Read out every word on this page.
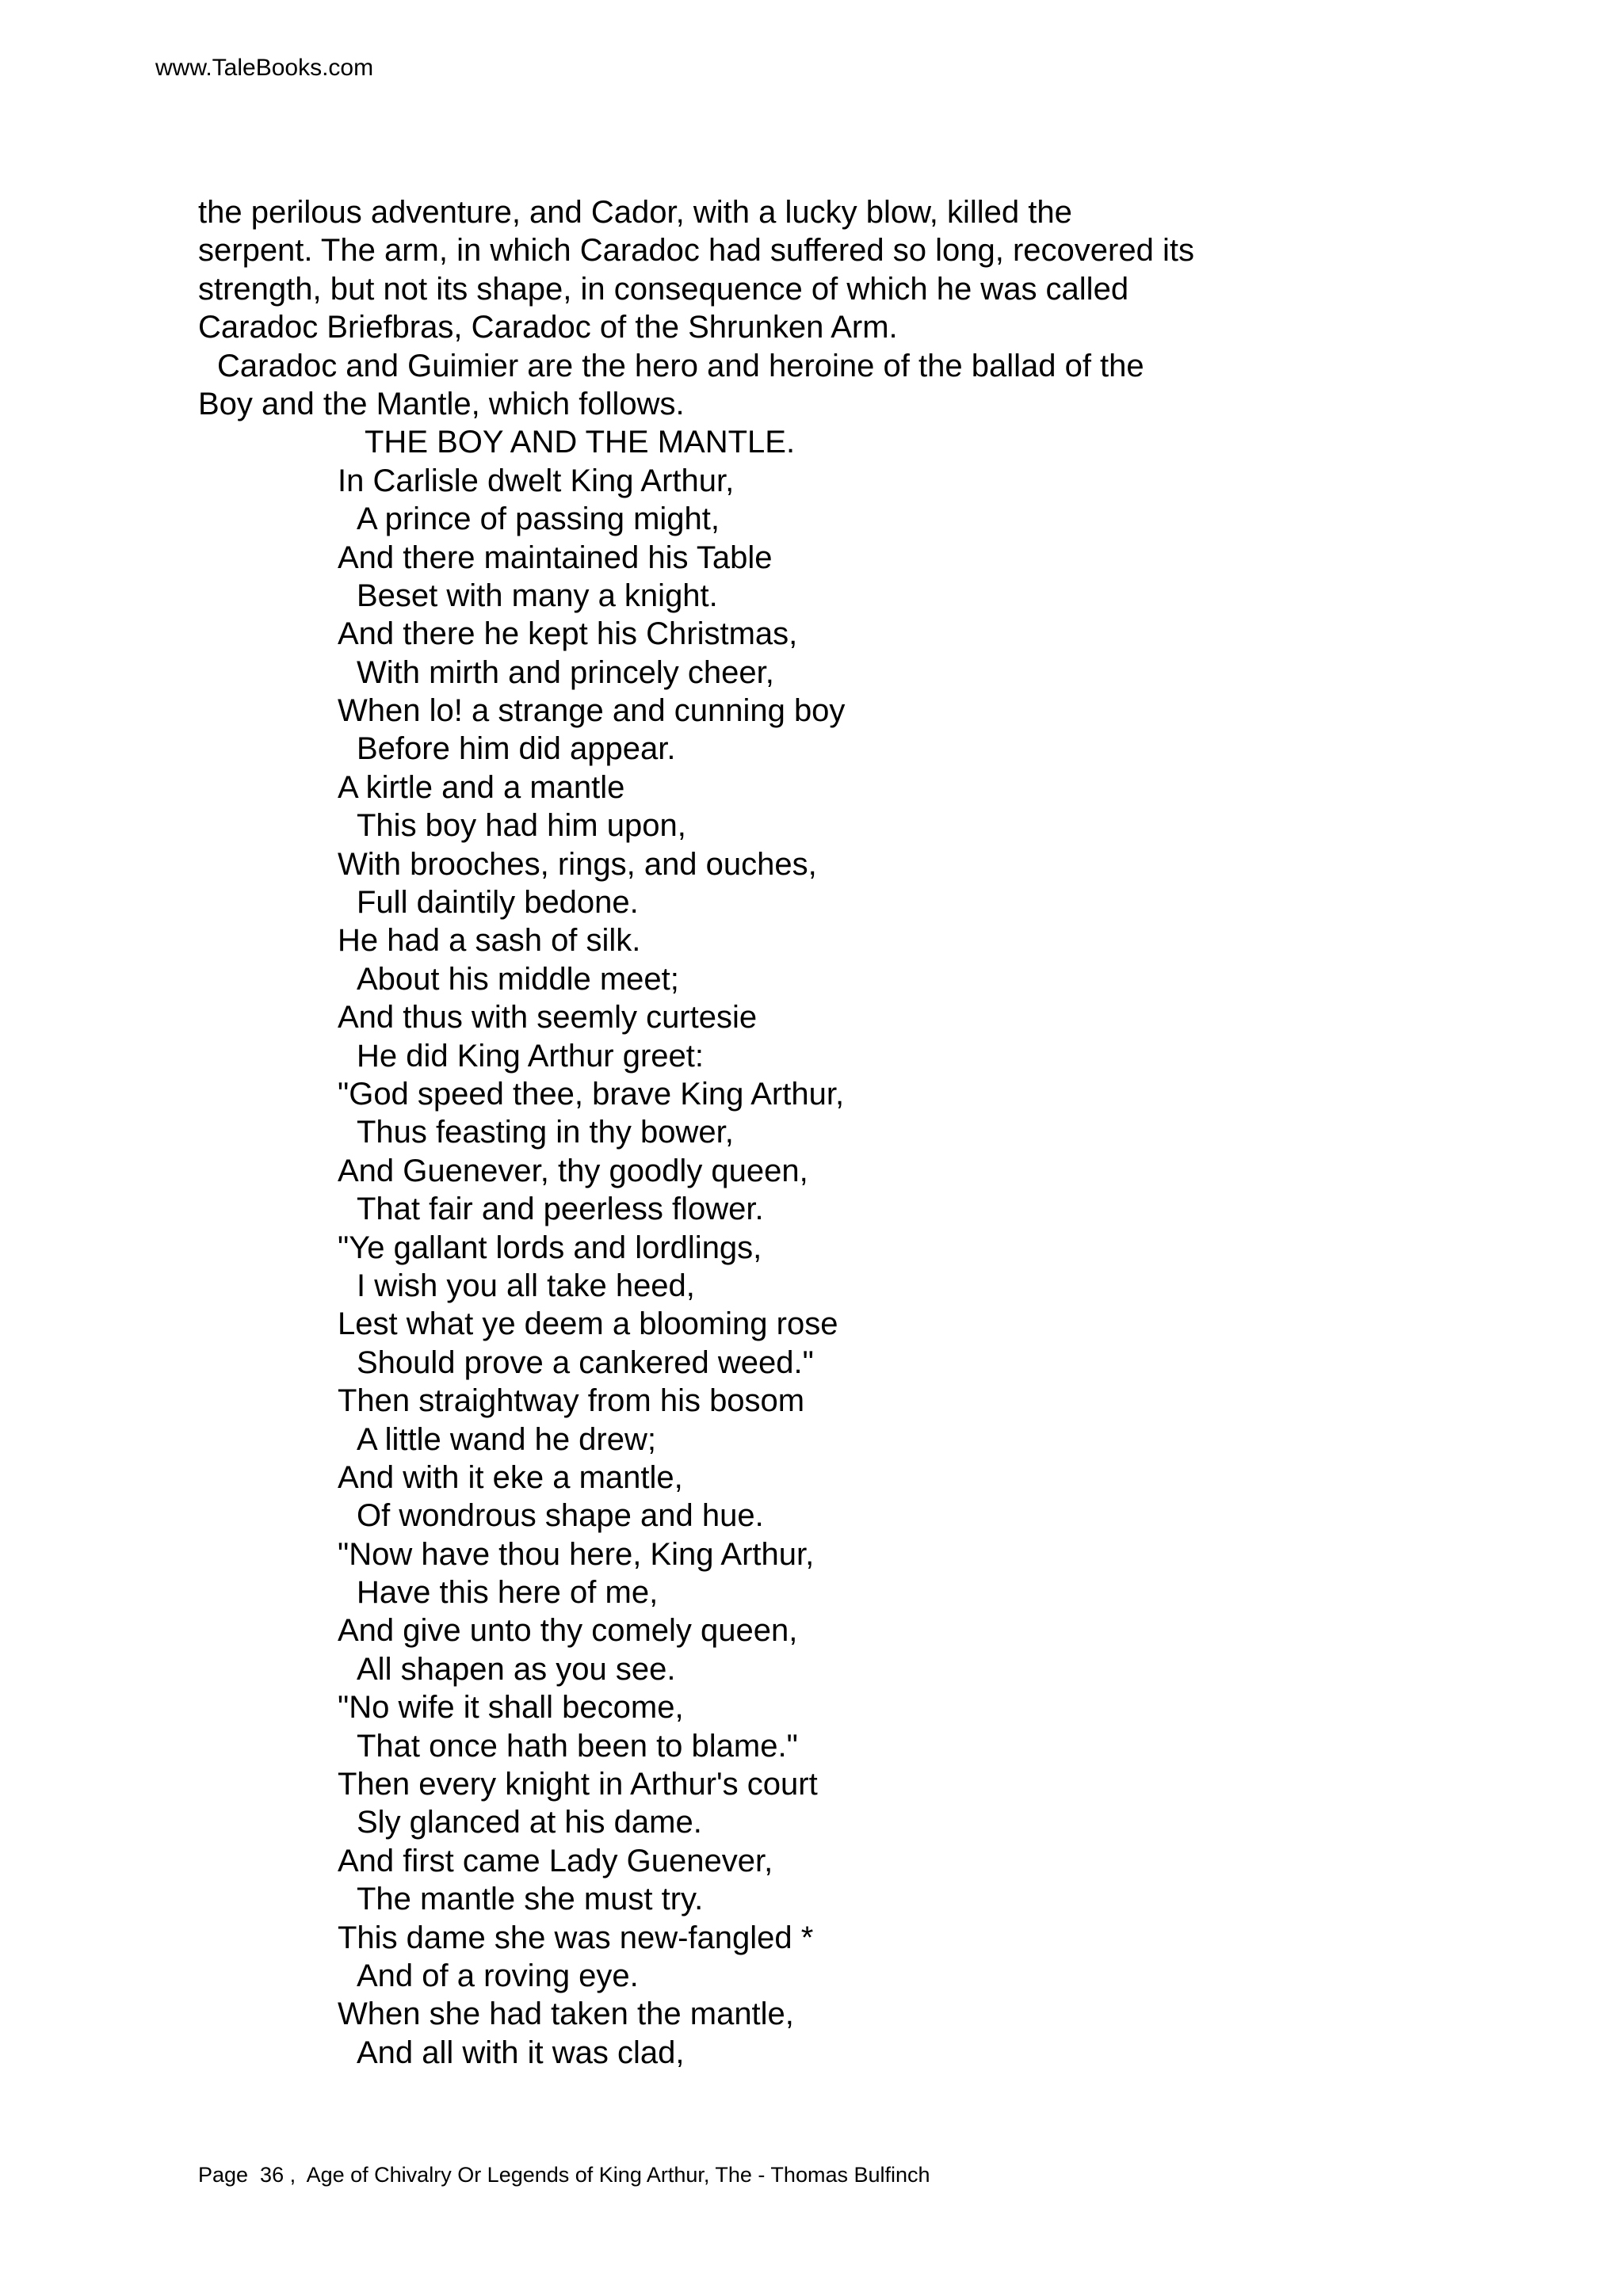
www.TaleBooks.com
the perilous adventure, and Cador, with a lucky blow, killed the
serpent. The arm, in which Caradoc had suffered so long, recovered its
strength, but not its shape, in consequence of which he was called
Caradoc Briefbras, Caradoc of the Shrunken Arm.
Caradoc and Guimier are the hero and heroine of the ballad of the
Boy and the Mantle, which follows.
THE BOY AND THE MANTLE.
In Carlisle dwelt King Arthur,
A prince of passing might,
And there maintained his Table
Beset with many a knight.
And there he kept his Christmas,
With mirth and princely cheer,
When lo! a strange and cunning boy
Before him did appear.
A kirtle and a mantle
This boy had him upon,
With brooches, rings, and ouches,
Full daintily bedone.
He had a sash of silk.
About his middle meet;
And thus with seemly curtesie
He did King Arthur greet:
"God speed thee, brave King Arthur,
Thus feasting in thy bower,
And Guenever, thy goodly queen,
That fair and peerless flower.
"Ye gallant lords and lordlings,
I wish you all take heed,
Lest what ye deem a blooming rose
Should prove a cankered weed."
Then straightway from his bosom
A little wand he drew;
And with it eke a mantle,
Of wondrous shape and hue.
"Now have thou here, King Arthur,
Have this here of me,
And give unto thy comely queen,
All shapen as you see.
"No wife it shall become,
That once hath been to blame."
Then every knight in Arthur's court
Sly glanced at his dame.
And first came Lady Guenever,
The mantle she must try.
This dame she was new-fangled *
And of a roving eye.
When she had taken the mantle,
And all with it was clad,
Page  36 ,  Age of Chivalry Or Legends of King Arthur, The - Thomas Bulfinch
